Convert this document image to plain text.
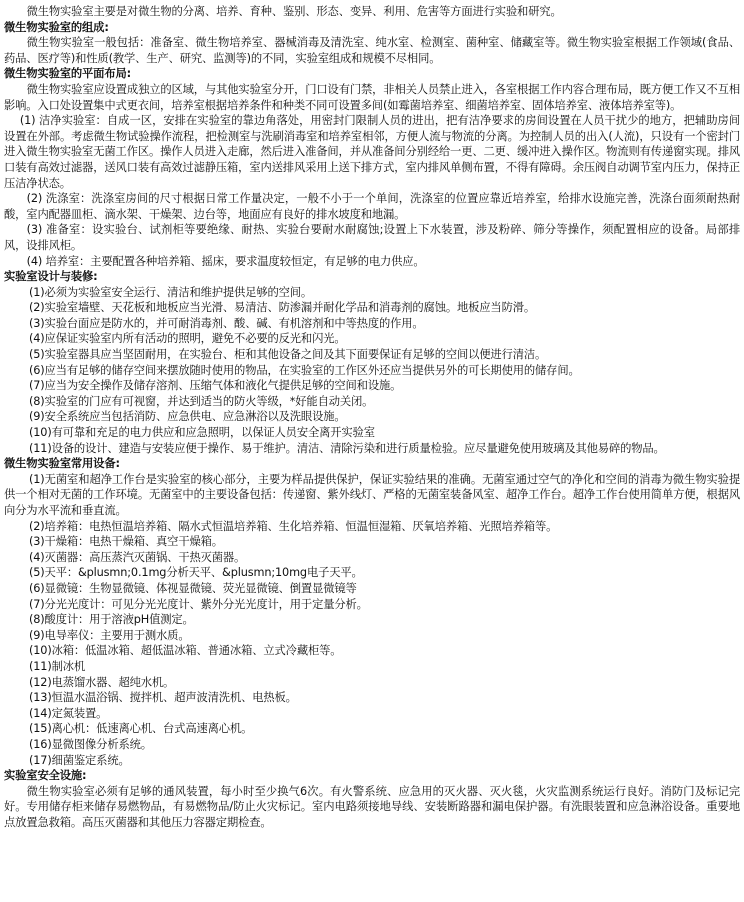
微生物实验室主要是对微生物的分离、培养、育种、鉴别、形态、变异、利用、危害等方面进行实验和研究。

微生物实验室的组成:

微生物实验室一般包括：准备室、微生物培养室、器械消毒及清洗室、纯水室、检测室、菌种室、储藏室等。微生物实验室根据工作领域(食品、药品、医疗等)和性质(教学、生产、研究、监测等)的不同，实验室组成和规模不尽相同。

微生物实验室的平面布局:

微生物实验室应设置成独立的区域，与其他实验室分开，门口设有门禁，非相关人员禁止进入，各室根据工作内容合理布局，既方便工作又不互相影响。入口处设置集中式更衣间，培养室根据培养条件和种类不同可设置多间(如霉菌培养室、细菌培养室、固体培养室、液体培养室等)。

(1) 洁净实验室：自成一区，安排在实验室的靠边角落处，用密封门限制人员的进出，把有洁净要求的房间设置在人员干扰少的地方，把辅助房间设置在外部。考虑微生物试验操作流程，把检测室与洗刷消毒室和培养室相邻，方便人流与物流的分离。为控制人员的出入(人流)，只设有一个密封门进入微生物实验室无菌工作区。操作人员进入走廊，然后进入准备间，并从准备间分别经给一更、二更、缓冲进入操作区。物流则有传递窗实现。排风口装有高效过滤器，送风口装有高效过滤静压箱，室内送排风采用上送下排方式，室内排风单侧布置，不得有障碍。余压阀自动调节室内压力，保持正压洁净状态。

(2) 洗涤室：洗涤室房间的尺寸根据日常工作量决定，一般不小于一个单间，洗涤室的位置应靠近培养室，给排水设施完善，洗涤台面须耐热耐酸，室内配器皿柜、滴水架、干燥架、边台等，地面应有良好的排水坡度和地漏。

(3) 准备室：设实验台、试剂柜等要绝缘、耐热、实验台要耐水耐腐蚀;设置上下水装置，涉及粉碎、筛分等操作，须配置相应的设备。局部排风，设排风柜。

(4) 培养室：主要配置各种培养箱、摇床，要求温度较恒定，有足够的电力供应。

实验室设计与装修:

(1)必须为实验室安全运行、清洁和维护提供足够的空间。

(2)实验室墙壁、天花板和地板应当光滑、易清洁、防渗漏并耐化学品和消毒剂的腐蚀。地板应当防滑。

(3)实验台面应是防水的，并可耐消毒剂、酸、碱、有机溶剂和中等热度的作用。

(4)应保证实验室内所有活动的照明，避免不必要的反光和闪光。

(5)实验室器具应当坚固耐用，在实验台、柜和其他设备之间及其下面要保证有足够的空间以便进行清洁。

(6)应当有足够的储存空间来摆放随时使用的物品，在实验室的工作区外还应当提供另外的可长期使用的储存间。

(7)应当为安全操作及储存溶剂、压缩气体和液化气提供足够的空间和设施。

(8)实验室的门应有可视窗，并达到适当的防火等级，*好能自动关闭。

(9)安全系统应当包括消防、应急供电、应急淋浴以及洗眼设施。

(10)有可靠和充足的电力供应和应急照明，以保证人员安全离开实验室

(11)设备的设计、建造与安装应便于操作、易于维护。清洁、清除污染和进行质量检验。应尽量避免使用玻璃及其他易碎的物品。

微生物实验室常用设备:

(1)无菌室和超净工作台是实验室的核心部分，主要为样品提供保护，保证实验结果的准确。无菌室通过空气的净化和空间的消毒为微生物实验提供一个相对无菌的工作环境。无菌室中的主要设备包括：传递窗、紫外线灯、严格的无菌室装备风室、超净工作台。超净工作台使用简单方便，根据风向分为水平流和垂直流。

(2)培养箱：电热恒温培养箱、隔水式恒温培养箱、生化培养箱、恒温恒湿箱、厌氧培养箱、光照培养箱等。

(3)干燥箱：电热干燥箱、真空干燥箱。

(4)灭菌器：高压蒸汽灭菌锅、干热灭菌器。

(5)天平：&plusmn;0.1mg分析天平、&plusmn;10mg电子天平。

(6)显微镜：生物显微镜、体视显微镜、荧光显微镜、倒置显微镜等

(7)分光光度计：可见分光光度计、紫外分光光度计，用于定量分析。

(8)酸度计：用于溶液pH值测定。

(9)电导率仪：主要用于测水质。

(10)冰箱：低温冰箱、超低温冰箱、普通冰箱、立式冷藏柜等。

(11)制冰机

(12)电蒸馏水器、超纯水机。

(13)恒温水温浴锅、搅拌机、超声波清洗机、电热板。

(14)定氮装置。

(15)离心机：低速离心机、台式高速离心机。

(16)显微图像分析系统。

(17)细菌鉴定系统。

实验室安全设施:

微生物实验室必须有足够的通风装置，每小时至少换气6次。有火警系统、应急用的灭火器、灭火毯，火灾监测系统运行良好。消防门及标记完好。专用储存柜来储存易燃物品，有易燃物品/防止火灾标记。室内电路须接地导线、安装断路器和漏电保护器。有洗眼装置和应急淋浴设备。重要地点放置急救箱。高压灭菌器和其他压力容器定期检查。
